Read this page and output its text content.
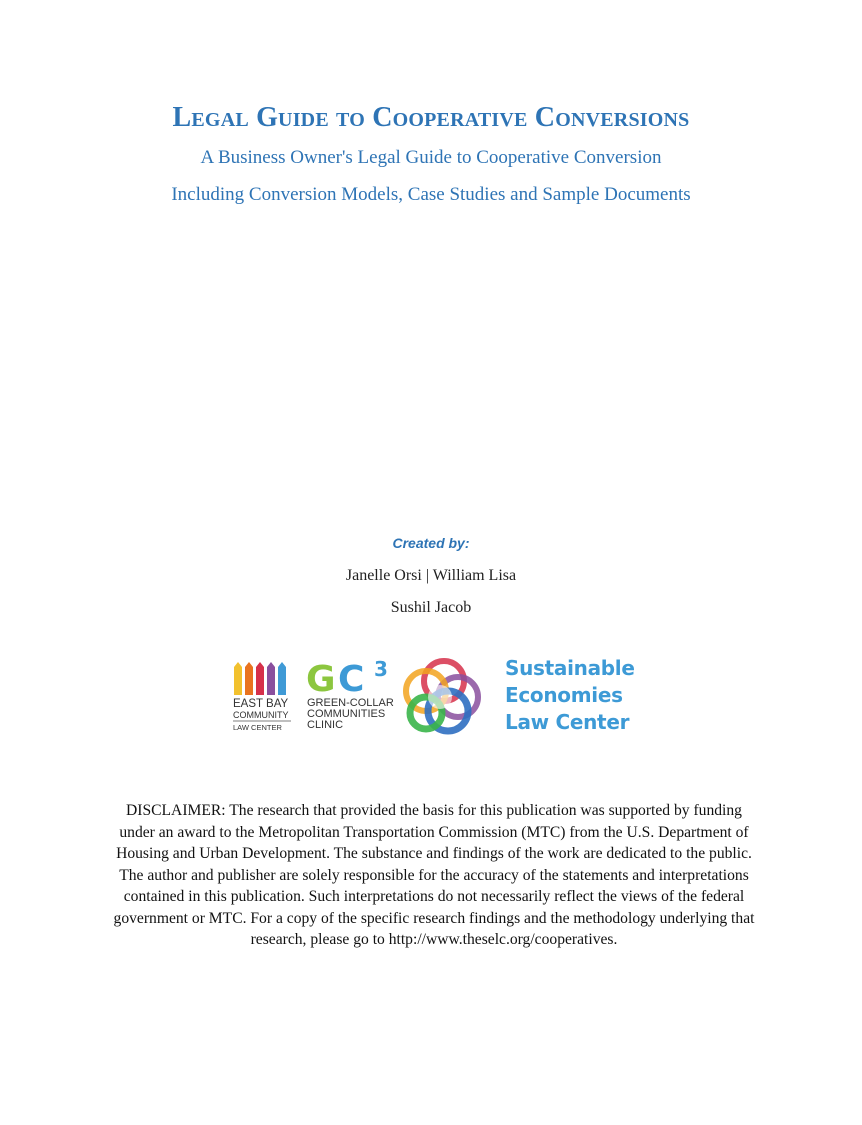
Legal Guide to Cooperative Conversions
A Business Owner's Legal Guide to Cooperative Conversion
Including Conversion Models, Case Studies and Sample Documents
Created by:
Janelle Orsi | William Lisa
Sushil Jacob
EAST BAY
COMMUNITY
LAW CENTER
G C 3
GREEN-COLLAR
COMMUNITIES
CLINIC
Sustainable
Economies
Law Center
DISCLAIMER: The research that provided the basis for this publication was supported by funding under an award to the Metropolitan Transportation Commission (MTC) from the U.S. Department of Housing and Urban Development. The substance and findings of the work are dedicated to the public. The author and publisher are solely responsible for the accuracy of the statements and interpretations contained in this publication. Such interpretations do not necessarily reflect the views of the federal government or MTC. For a copy of the specific research findings and the methodology underlying that research, please go to http://www.theselc.org/cooperatives.
